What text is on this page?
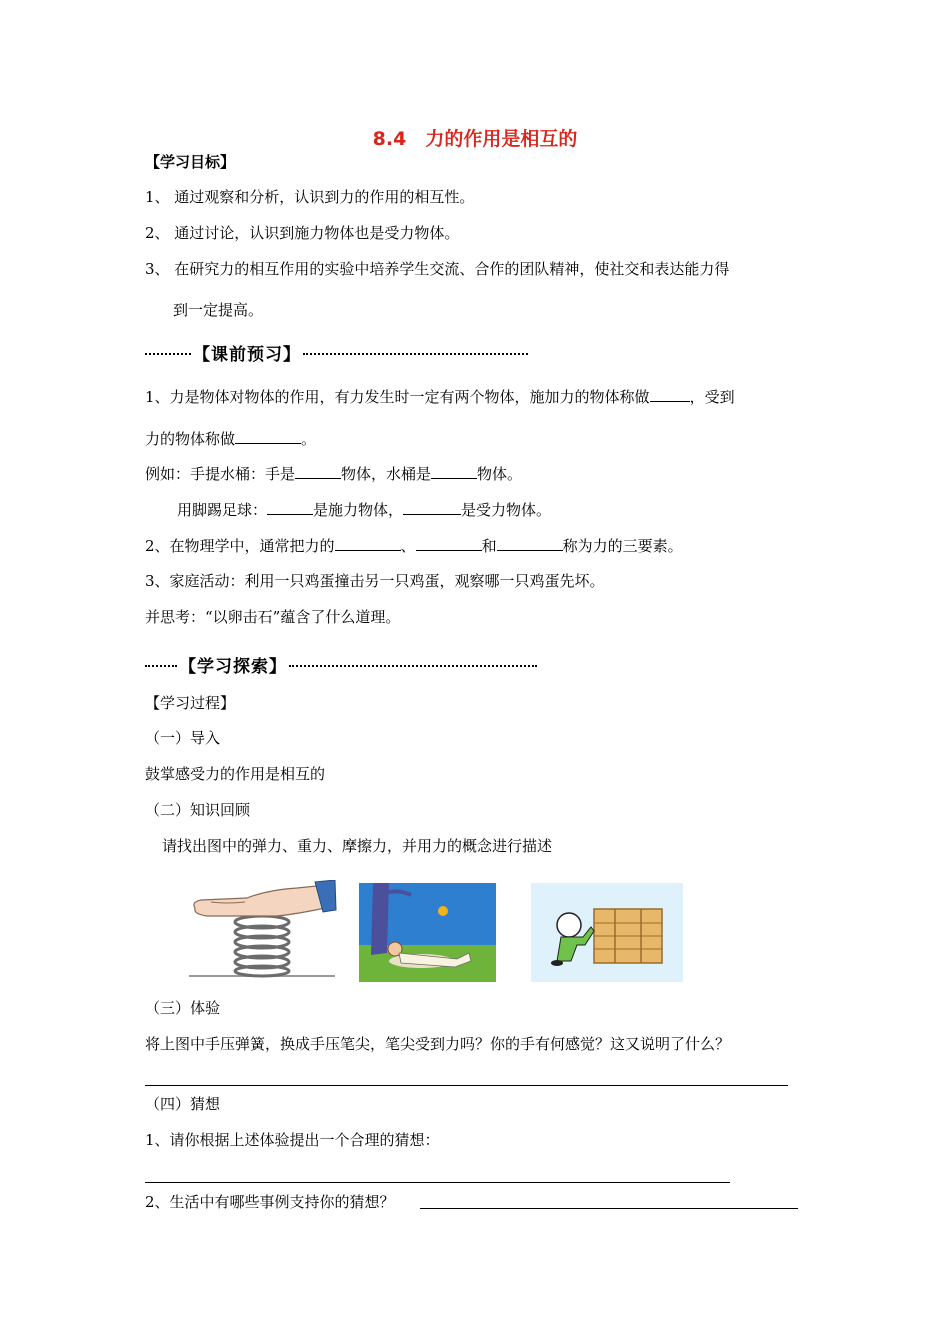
8.4　力的作用是相互的
【学习目标】
1、 通过观察和分析，认识到力的作用的相互性。
2、 通过讨论，认识到施力物体也是受力物体。
3、 在研究力的相互作用的实验中培养学生交流、合作的团队精神，使社交和表达能力得
到一定提高。
【课前预习】
1、力是物体对物体的作用，有力发生时一定有两个物体，施加力的物体称做	，受到
力的物体称做	。
例如：手提水桶：手是	物体，水桶是	物体。
用脚踢足球：	是施力物体，	是受力物体。
2、在物理学中，通常把力的	、	和	称为力的三要素。
3、家庭活动：利用一只鸡蛋撞击另一只鸡蛋，观察哪一只鸡蛋先坏。
并思考：“以卵击石”蕴含了什么道理。
【学习探索】
【学习过程】
（一）导入
鼓掌感受力的作用是相互的
（二）知识回顾
请找出图中的弹力、重力、摩擦力，并用力的概念进行描述
（三）体验
将上图中手压弹簧，换成手压笔尖，笔尖受到力吗？你的手有何感觉？这又说明了什么？
（四）猜想
1、请你根据上述体验提出一个合理的猜想：
2、生活中有哪些事例支持你的猜想？
